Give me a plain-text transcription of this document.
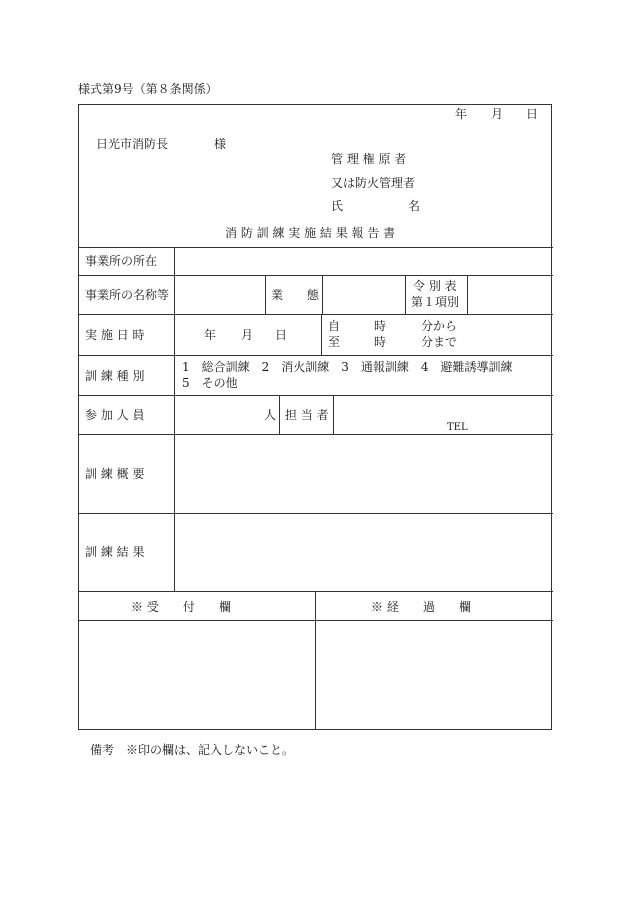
様式第9号（第８条関係）
年 月 日
日光市消防長	様
管 理 権 原 者
又は防火管理者
氏	名
消 防 訓 練 実 施 結 果 報 告 書
事業所の所在
事業所の名称等	業　　態
令 別 表
第１項別
実 施 日 時	年 月 日
自	時	分から
至	時	分まで
訓 練 種 別
1　総合訓練　2　消火訓練　3　通報訓練　4　避難誘導訓練
5　その他
参 加 人 員	人 担 当 者
TEL
訓 練 概 要
訓 練 結 果
※ 受　　付　　欄	※ 経　　過　　欄
備考　※印の欄は、記入しないこと。
